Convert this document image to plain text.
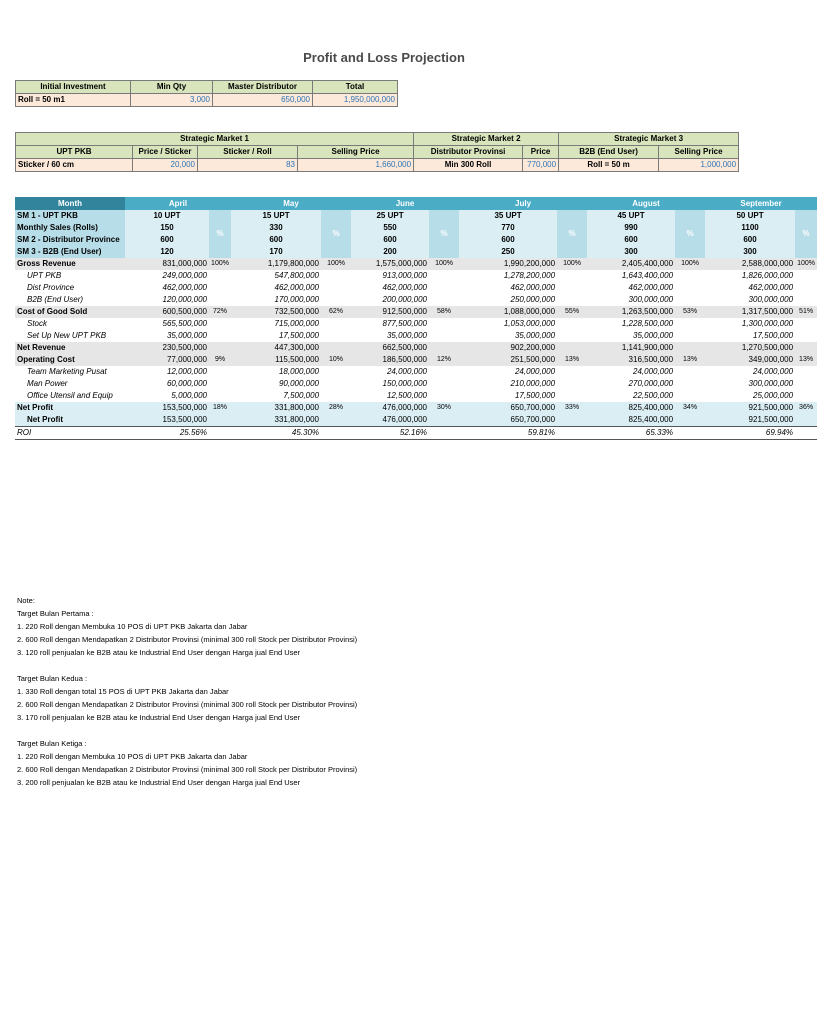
Profit and Loss Projection
Initial Investment	Min Qty	Master Distributor	Total
Roll = 50 m1	3,000	650,000	1,950,000,000
Strategic Market 1				Strategic Market 2		Strategic Market 3	
UPT PKB	Price / Sticker	Sticker / Roll	Selling Price	Distributor Provinsi	Price	B2B (End User)	Selling Price
Sticker / 60 cm	20,000	83	1,660,000	Min 300 Roll	770,000	Roll = 50 m	1,000,000
Month	April		May		June		July		August		September	
SM 1 - UPT PKB	10 UPT	%	15 UPT	%	25 UPT	%	35 UPT	%	45 UPT	%	50 UPT	%
Monthly Sales (Rolls)	150		330		550		770		990		1100	
SM 2 - Distributor Province	600		600		600		600		600		600	
SM 3 - B2B (End User)	120		170		200		250		300		300	
Gross Revenue	831,000,000	100%	1,179,800,000	100%	1,575,000,000	100%	1,990,200,000	100%	2,405,400,000	100%	2,588,000,000	100%
UPT PKB	249,000,000		547,800,000		913,000,000		1,278,200,000		1,643,400,000		1,826,000,000	
Dist Province	462,000,000		462,000,000		462,000,000		462,000,000		462,000,000		462,000,000	
B2B (End User)	120,000,000		170,000,000		200,000,000		250,000,000		300,000,000		300,000,000	
Cost of Good Sold	600,500,000	72%	732,500,000	62%	912,500,000	58%	1,088,000,000	55%	1,263,500,000	53%	1,317,500,000	51%
Stock	565,500,000		715,000,000		877,500,000		1,053,000,000		1,228,500,000		1,300,000,000	
Set Up New UPT PKB	35,000,000		17,500,000		35,000,000		35,000,000		35,000,000		17,500,000	
Net Revenue	230,500,000		447,300,000		662,500,000		902,200,000		1,141,900,000		1,270,500,000	
Operating Cost	77,000,000	9%	115,500,000	10%	186,500,000	12%	251,500,000	13%	316,500,000	13%	349,000,000	13%
Team Marketing Pusat	12,000,000		18,000,000		24,000,000		24,000,000		24,000,000		24,000,000	
Man Power	60,000,000		90,000,000		150,000,000		210,000,000		270,000,000		300,000,000	
Office Utensil and Equip	5,000,000		7,500,000		12,500,000		17,500,000		22,500,000		25,000,000	
Net Profit	153,500,000	18%	331,800,000	28%	476,000,000	30%	650,700,000	33%	825,400,000	34%	921,500,000	36%
Net Profit	153,500,000		331,800,000		476,000,000		650,700,000		825,400,000		921,500,000	
ROI	25.56%		45.30%		52.16%		59.81%		65.33%		69.94%	

Note:

Target Bulan Pertama :

1. 220 Roll dengan Membuka 10 POS di UPT PKB Jakarta dan Jabar

2. 600 Roll dengan Mendapatkan 2 Distributor Provinsi (minimal 300 roll Stock per Distributor Provinsi)

3. 120 roll penjualan ke B2B atau ke Industrial End User dengan Harga jual End User

Target Bulan Kedua :

1. 330 Roll dengan total 15 POS di UPT PKB Jakarta dan Jabar

2. 600 Roll dengan Mendapatkan 2 Distributor Provinsi (minimal 300 roll Stock per Distributor Provinsi)

3. 170 roll penjualan ke B2B atau ke Industrial End User dengan Harga jual End User

Target Bulan Ketiga :

1. 220 Roll dengan Membuka 10 POS di UPT PKB Jakarta dan Jabar

2. 600 Roll dengan Mendapatkan 2 Distributor Provinsi (minimal 300 roll Stock per Distributor Provinsi)

3. 200 roll penjualan ke B2B atau ke Industrial End User dengan Harga jual End User
